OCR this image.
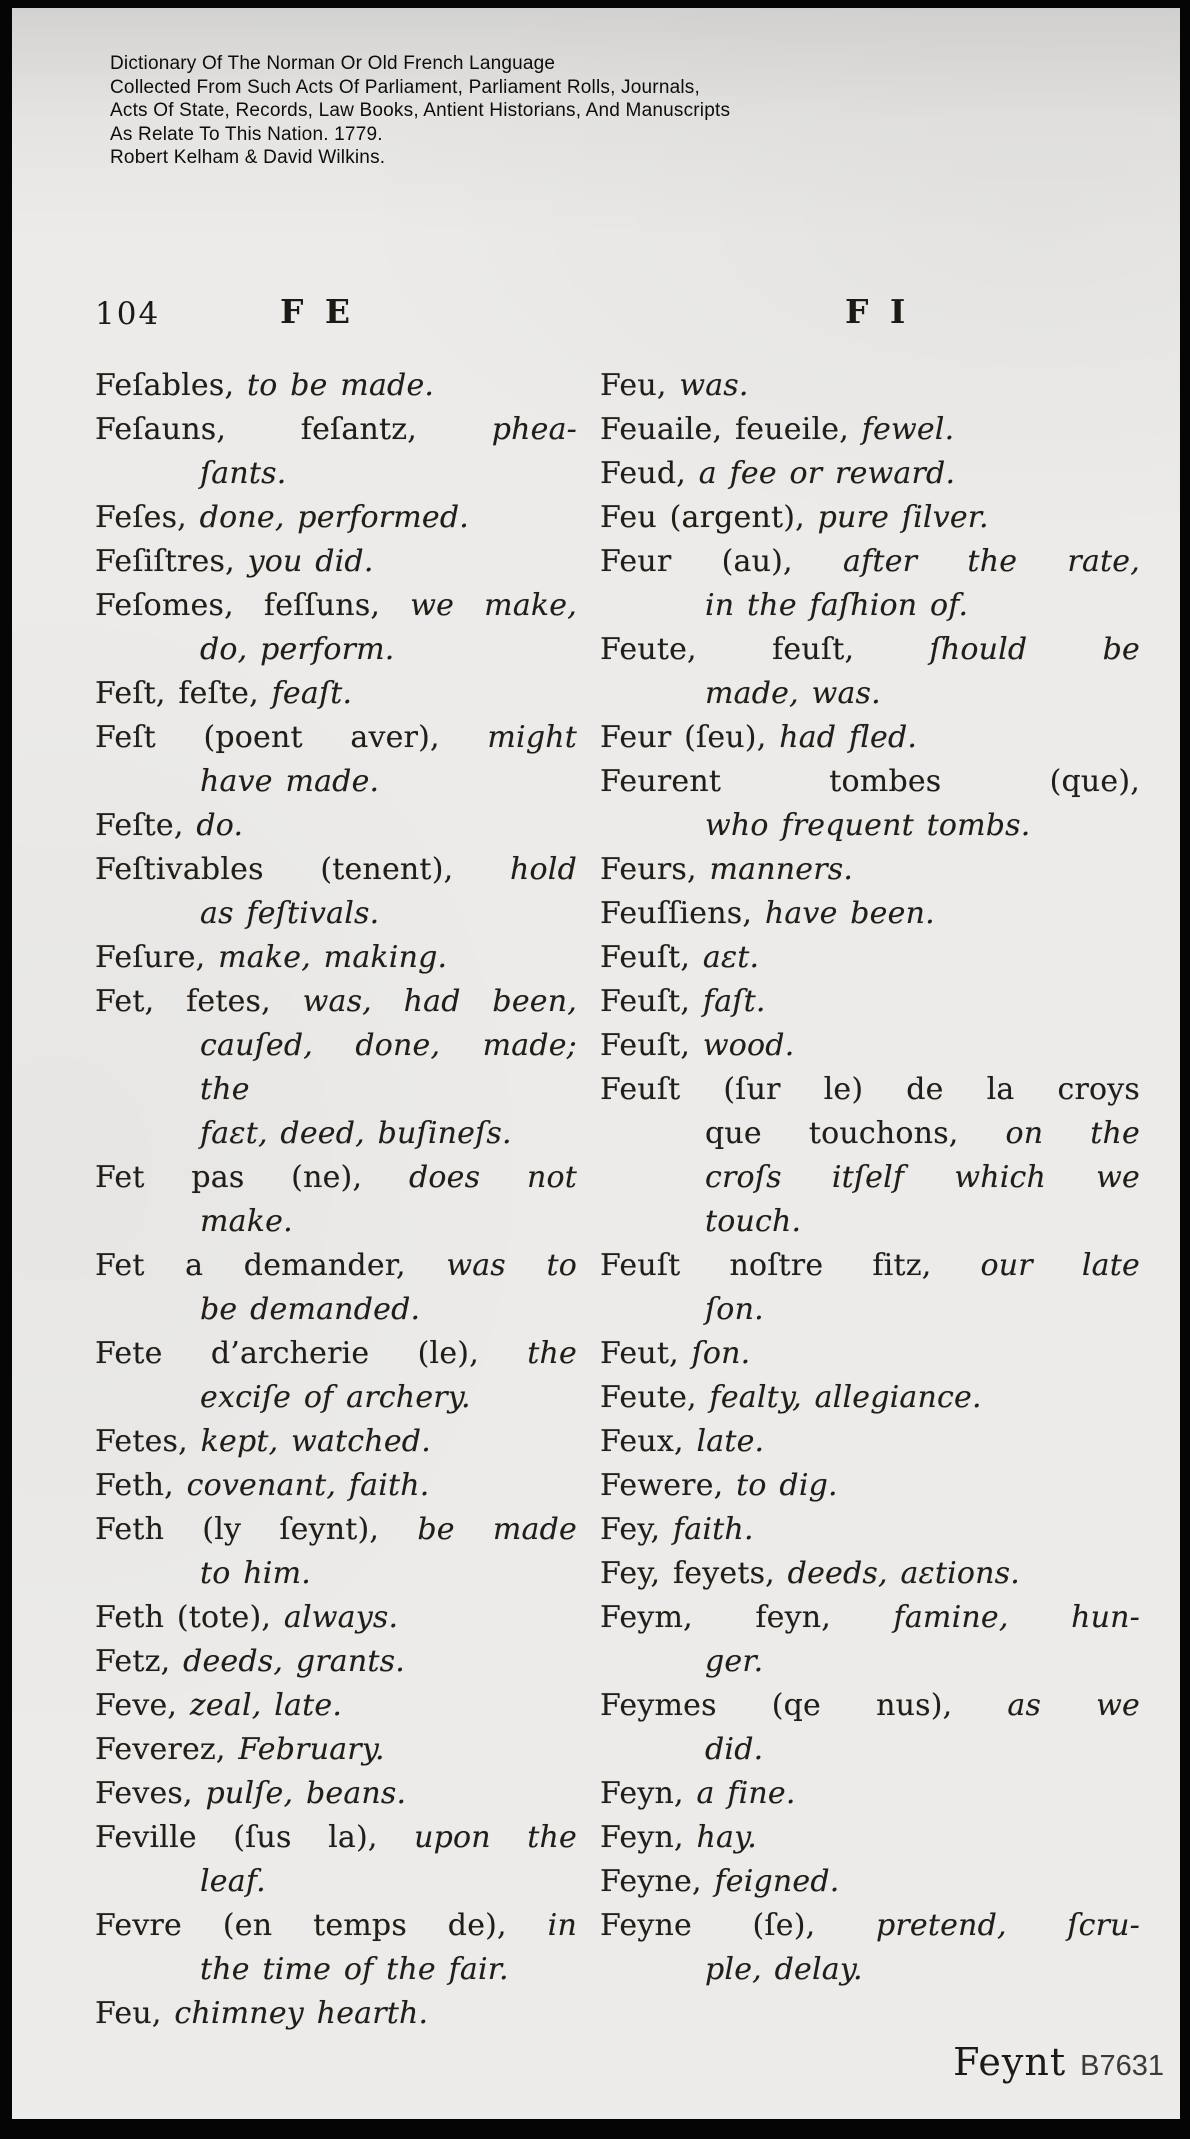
Dictionary Of The Norman Or Old French Language
Collected From Such Acts Of Parliament, Parliament Rolls, Journals,
Acts Of State, Records, Law Books, Antient Historians, And Manuscripts
As Relate To This Nation. 1779.
Robert Kelham & David Wilkins.
104	F E	F I

Feſables, to be made.

Feſauns, feſantz, phea-
ſants.

Feſes, done, performed.

Feſiſtres, you did.

Feſomes, feſſuns, we make,
do, perform.

Feſt, feſte, feaſt.

Feſt (poent aver), might
have made.

Feſte, do.

Feſtivables (tenent), hold
as feſtivals.

Feſure, make, making.

Fet, fetes, was, had been,
cauſed, done, made; the
faɛt, deed, buſineſs.

Fet pas (ne), does not
make.

Fet a demander, was to
be demanded.

Fete d’archerie (le), the
exciſe of archery.

Fetes, kept, watched.

Feth, covenant, faith.

Feth (ly ſeynt), be made
to him.

Feth (tote), always.

Fetz, deeds, grants.

Feve, zeal, late.

Feverez, February.

Feves, pulſe, beans.

Feville (ſus la), upon the
leaf.

Fevre (en temps de), in
the time of the fair.

Feu, chimney hearth.

Feu, was.

Feuaile, feueile, fewel.

Feud, a fee or reward.

Feu (argent), pure ſilver.

Feur (au), after the rate,
in the faſhion of.

Feute, feuſt,	ſhould be
made, was.

Feur (ſeu), had fled.

Feurent tombes (que),
who frequent tombs.

Feurs, manners.

Feuſſiens, have been.

Feuſt, aɛt.

Feuſt, faſt.

Feuſt, wood.

Feuſt (ſur le) de la croys
que touchons, on the
croſs itſelf which we
touch.

Feuſt noſtre fitz, our late
ſon.

Feut, ſon.

Feute, fealty, allegiance.

Feux, late.

Fewere, to dig.

Fey, faith.

Fey, feyets, deeds, aɛtions.

Feym, feyn, famine, hun-
ger.

Feymes (qe nus), as we
did.

Feyn, a fine.

Feyn, hay.

Feyne, feigned.

Feyne (ſe), pretend, ſcru-
ple, delay.

Feynt B7631
